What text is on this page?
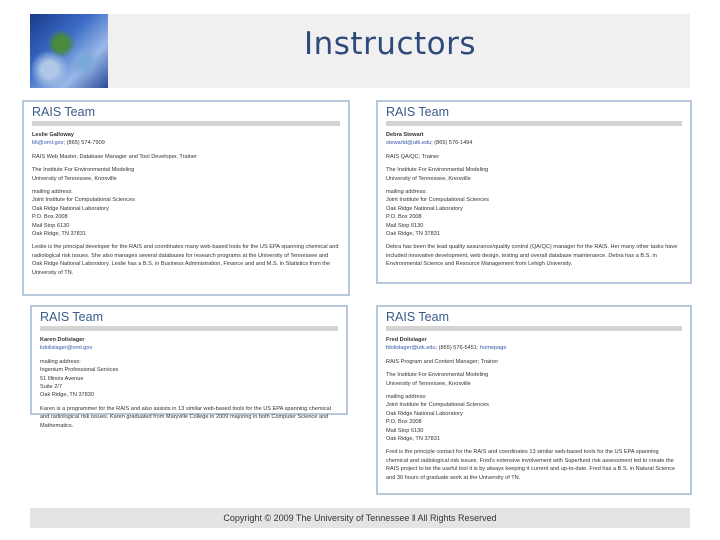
Instructors
RAIS Team
Leslie Galloway
lt6@ornl.gov; (865) 574-7909
RAIS Web Master, Database Manager and Tool Developer, Trainer
The Institute For Environmental Modeling
University of Tennessee, Knoxville
mailing address:
Joint Institute for Computational Sciences
Oak Ridge National Laboratory
P.O. Box 2008
Mail Stop 6130
Oak Ridge, TN 37831
Leslie is the principal developer for the RAIS and coordinates many web-based tools for the US EPA spanning chemical and radiological risk issues. She also manages several databases for research programs at the University of Tennessee and Oak Ridge National Laboratory. Leslie has a B.S. in Business Administration, Finance and and M.S. in Statistics from the University of TN.
RAIS Team
Debra Stewart
stewartd@utk.edu; (865) 576-1494
RAIS QA/QC; Trainer
The Institute For Environmental Modeling
University of Tennessee, Knoxville
mailing address:
Joint Institute for Computational Sciences
Oak Ridge National Laboratory
P.O. Box 2008
Mail Stop 6130
Oak Ridge, TN 37831
Debra has been the lead quality assurance/quality control (QA/QC) manager for the RAIS. Her many other tasks have included innovative development, web design, testing and overall database maintenance. Debra has a B.S. in Environmental Science and Resource Management from Lehigh University.
RAIS Team
Karen Dolislager
kdolislager@ornl.gov
mailing address:
Ingenium Professional Services
51 Illinois Avenue
Suite 2/7
Oak Ridge, TN 37830
Karen is a programmer for the RAIS and also assists in 13 similar web-based tools for the US EPA spanning chemical and radiological risk issues. Karen graduated from Maryville College in 2009 majoring in both Computer Science and Mathematics.
RAIS Team
Fred Dolislager
fdolislager@utk.edu; (865) 576-5451; homepage
RAIS Program and Content Manager; Trainer
The Institute For Environmental Modeling
University of Tennessee, Knoxville
mailing address:
Joint Institute for Computational Sciences
Oak Ridge National Laboratory
P.O. Box 2008
Mail Stop 6130
Oak Ridge, TN 37831
Fred is the principle contact for the RAIS and coordinates 13 similar web-based tools for the US EPA spanning chemical and radiological risk issues. Fred's extensive involvement with Superfund risk assessment led to create the RAIS project to be the useful tool it is by always keeping it current and up-to-date. Fred has a B.S. in Natural Science and 30 hours of graduate work at the University of TN.
Copyright © 2009 The University of Tennessee ǁ All Rights Reserved
